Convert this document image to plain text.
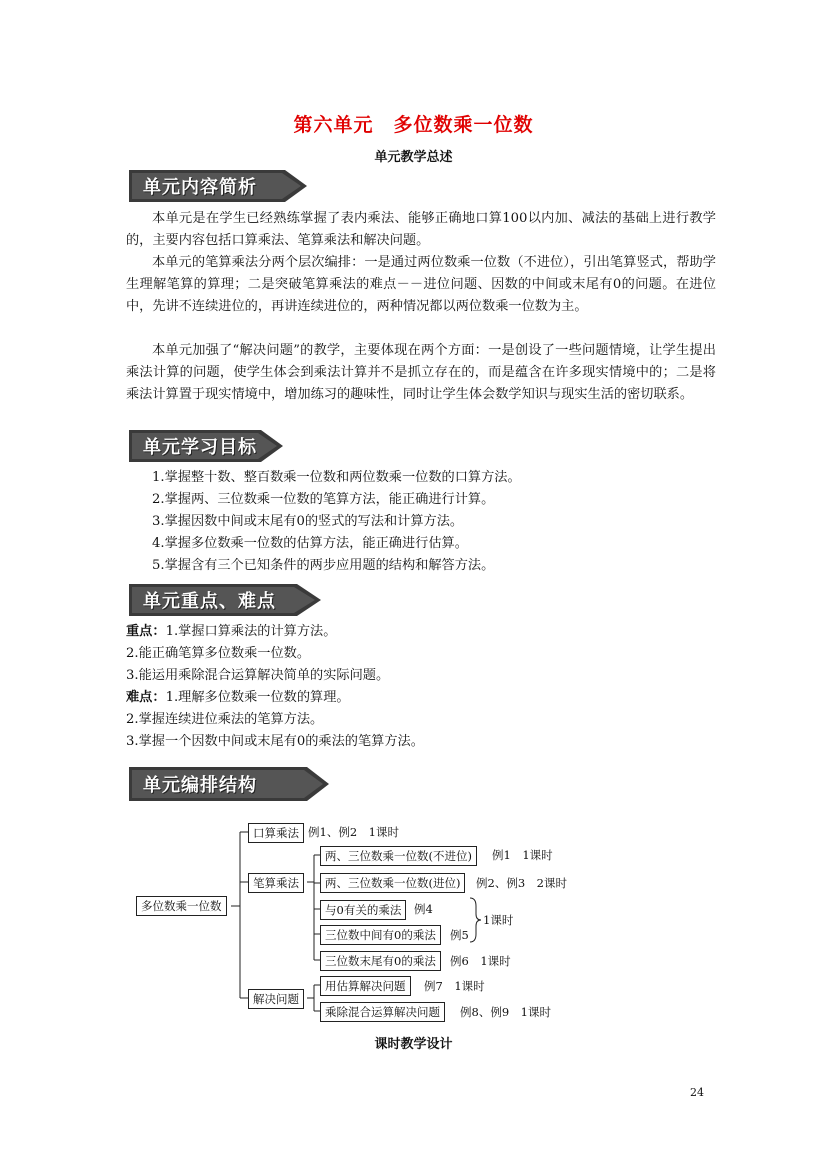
第六单元　多位数乘一位数
单元教学总述
单元内容简析
本单元是在学生已经熟练掌握了表内乘法、能够正确地口算100以内加、减法的基础上进行教学的，主要内容包括口算乘法、笔算乘法和解决问题。
本单元的笔算乘法分两个层次编排：一是通过两位数乘一位数（不进位），引出笔算竖式，帮助学生理解笔算的算理；二是突破笔算乘法的难点－－进位问题、因数的中间或末尾有0的问题。在进位中，先讲不连续进位的，再讲连续进位的，两种情况都以两位数乘一位数为主。
本单元加强了“解决问题”的教学，主要体现在两个方面：一是创设了一些问题情境，让学生提出乘法计算的问题，使学生体会到乘法计算并不是抓立存在的，而是蕴含在许多现实情境中的；二是将乘法计算置于现实情境中，增加练习的趣味性，同时让学生体会数学知识与现实生活的密切联系。
单元学习目标
1.掌握整十数、整百数乘一位数和两位数乘一位数的口算方法。
2.掌握两、三位数乘一位数的笔算方法，能正确进行计算。
3.掌握因数中间或末尾有0的竖式的写法和计算方法。
4.掌握多位数乘一位数的估算方法，能正确进行估算。
5.掌握含有三个已知条件的两步应用题的结构和解答方法。
单元重点、难点
重点：1.掌握口算乘法的计算方法。
2.能正确笔算多位数乘一位数。
3.能运用乘除混合运算解决简单的实际问题。
难点：1.理解多位数乘一位数的算理。
2.掌握连续进位乘法的笔算方法。
3.掌握一个因数中间或末尾有0的乘法的笔算方法。
单元编排结构
多位数乘一位数
口算乘法 例1、例2　1课时
笔算乘法
两、三位数乘一位数(不进位)	例1　1课时
两、三位数乘一位数(进位)	例2、例3　2课时
与0有关的乘法	例4
三位数中间有0的乘法	例5
1课时
三位数末尾有0的乘法	例6　1课时
解决问题
用估算解决问题	例7　1课时
乘除混合运算解决问题	例8、例9　1课时
课时教学设计
24
